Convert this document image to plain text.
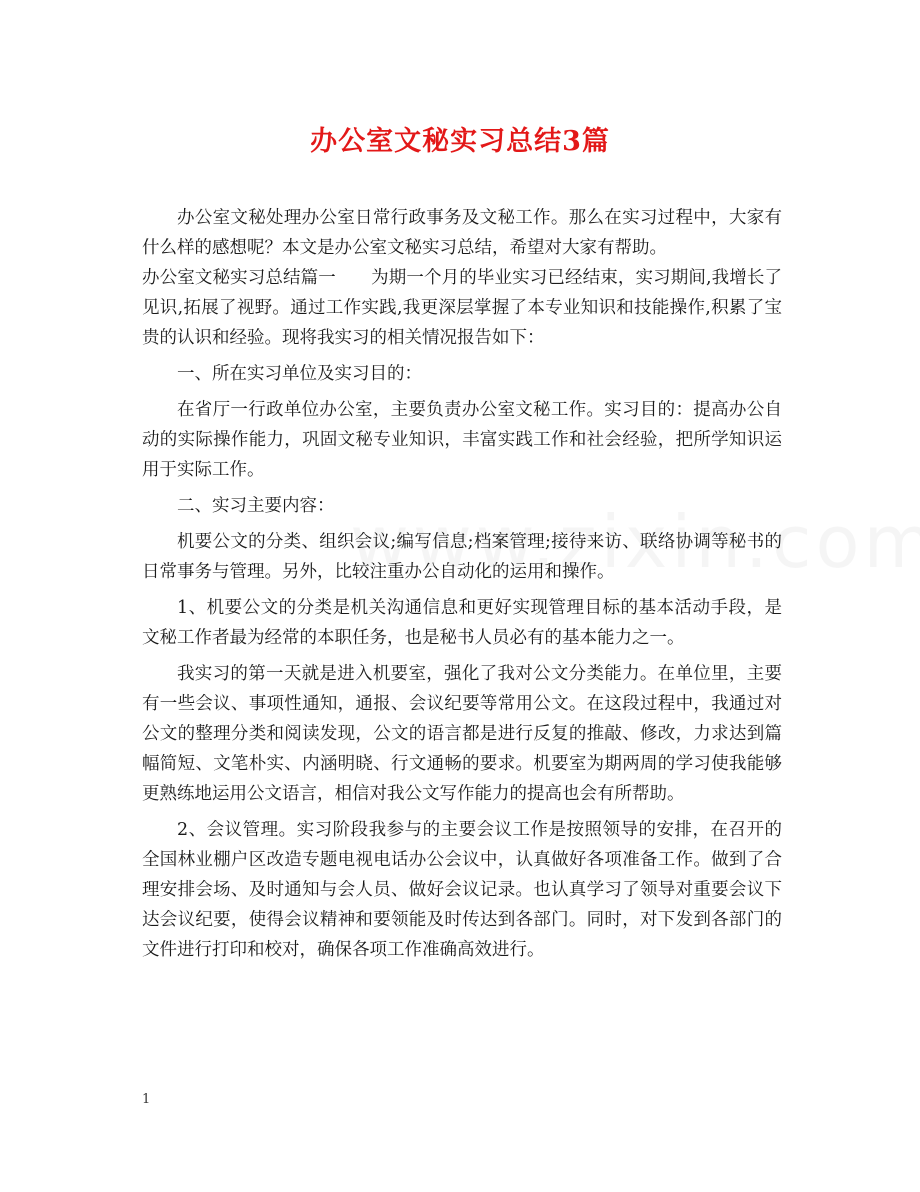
办公室文秘实习总结3篇

办公室文秘处理办公室日常行政事务及文秘工作。那么在实习过程中，大家有什么样的感想呢？本文是办公室文秘实习总结，希望对大家有帮助。

办公室文秘实习总结篇一　　为期一个月的毕业实习已经结束，实习期间,我增长了见识,拓展了视野。通过工作实践,我更深层掌握了本专业知识和技能操作,积累了宝贵的认识和经验。现将我实习的相关情况报告如下：

一、所在实习单位及实习目的：

在省厅一行政单位办公室，主要负责办公室文秘工作。实习目的：提高办公自动的实际操作能力，巩固文秘专业知识，丰富实践工作和社会经验，把所学知识运用于实际工作。

二、实习主要内容：

机要公文的分类、组织会议;编写信息;档案管理;接待来访、联络协调等秘书的日常事务与管理。另外，比较注重办公自动化的运用和操作。

1、机要公文的分类是机关沟通信息和更好实现管理目标的基本活动手段，是文秘工作者最为经常的本职任务，也是秘书人员必有的基本能力之一。

我实习的第一天就是进入机要室，强化了我对公文分类能力。在单位里，主要有一些会议、事项性通知，通报、会议纪要等常用公文。在这段过程中，我通过对公文的整理分类和阅读发现，公文的语言都是进行反复的推敲、修改，力求达到篇幅简短、文笔朴实、内涵明晓、行文通畅的要求。机要室为期两周的学习使我能够更熟练地运用公文语言，相信对我公文写作能力的提高也会有所帮助。

2、会议管理。实习阶段我参与的主要会议工作是按照领导的安排，在召开的全国林业棚户区改造专题电视电话办公会议中，认真做好各项准备工作。做到了合理安排会场、及时通知与会人员、做好会议记录。也认真学习了领导对重要会议下达会议纪要，使得会议精神和要领能及时传达到各部门。同时，对下发到各部门的文件进行打印和校对，确保各项工作准确高效进行。

1
